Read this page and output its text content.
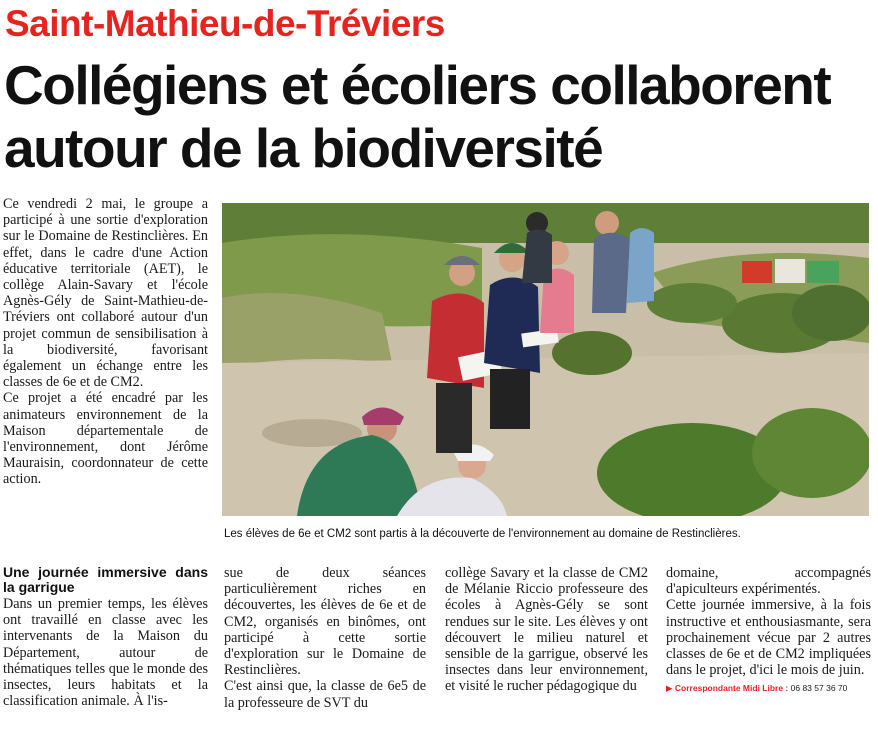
Saint-Mathieu-de-Tréviers
Collégiens et écoliers collaborent
autour de la biodiversité

Ce vendredi 2 mai, le groupe a participé à une sortie d'exploration sur le Domaine de Restinclières. En effet, dans le cadre d'une Action éducative territoriale (AET), le collège Alain-Savary et l'école Agnès-Gély de Saint-Mathieu-de-Tréviers ont collaboré autour d'un projet commun de sensibilisation à la biodiversité, favorisant également un échange entre les classes de 6e et de CM2.

Ce projet a été encadré par les animateurs environnement de la Maison départementale de l'environnement, dont Jérôme Mauraisin, coordonnateur de cette action.

Les élèves de 6e et CM2 sont partis à la découverte de l'environnement au domaine de Restinclières.
Une journée immersive dans la garrigue

Dans un premier temps, les élèves ont travaillé en classe avec les intervenants de la Maison du Département, autour de thématiques telles que le monde des insectes, leurs habitats et la classification animale. À l'is-

sue de deux séances particulièrement riches en découvertes, les élèves de 6e et de CM2, organisés en binômes, ont participé à cette sortie d'exploration sur le Domaine de Restinclières.

C'est ainsi que, la classe de 6e5 de la professeure de SVT du

collège Savary et la classe de CM2 de Mélanie Riccio professeure des écoles à Agnès-Gély se sont rendues sur le site. Les élèves y ont découvert le milieu naturel et sensible de la garrigue, observé les insectes dans leur environnement, et visité le rucher pédagogique du

domaine, accompagnés d'apiculteurs expérimentés.

Cette journée immersive, à la fois instructive et enthousiasmante, sera prochainement vécue par 2 autres classes de 6e et de CM2 impliquées dans le projet, d'ici le mois de juin.

▶ Correspondante Midi Libre : 06 83 57 36 70
